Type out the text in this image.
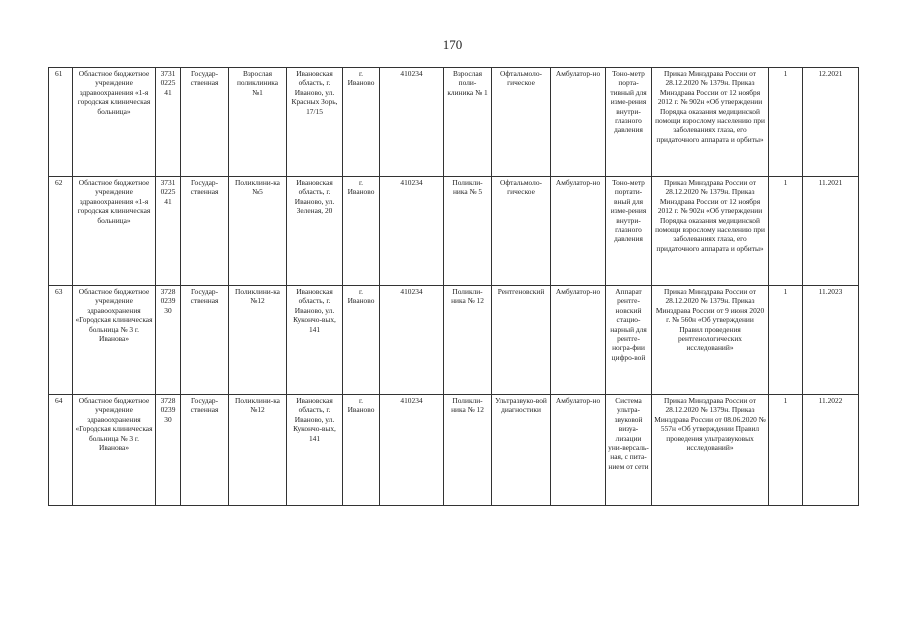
170
61	Областное бюджетное учреждение здравоохранения «1-я городская клиническая больница»	3731 0225 41	Государ-ственная	Взрослая поликлиника №1	Ивановская область, г. Иваново, ул. Красных Зорь, 17/15	г. Иваново	410234	Взрослая поли-клиника № 1	Офтальмоло-гическое	Амбулатор-но	Тоно-метр порта-тивный для изме-рения внутри-глазного давления	Приказ Минздрава России от 28.12.2020 № 1379н. Приказ Минздрава России от 12 ноября 2012 г. № 902н «Об утверждении Порядка оказания медицинской помощи взрослому населению при заболеваниях глаза, его придаточного аппарата и орбиты»	1	12.2021
62	Областное бюджетное учреждение здравоохранения «1-я городская клиническая больница»	3731 0225 41	Государ-ственная	Поликлини-ка №5	Ивановская область, г. Иваново, ул. Зеленая, 20	г. Иваново	410234	Поликли-ника № 5	Офтальмоло-гическое	Амбулатор-но	Тоно-метр портати-вный для изме-рения внутри-глазного давления	Приказ Минздрава России от 28.12.2020 № 1379н. Приказ Минздрава России от 12 ноября 2012 г. № 902н «Об утверждении Порядка оказания медицинской помощи взрослому населению при заболеваниях глаза, его придаточного аппарата и орбиты»	1	11.2021
63	Областное бюджетное учреждение здравоохранения «Городская клиническая больница № 3 г. Иванова»	3728 0239 30	Государ-ственная	Поликлини-ка №12	Ивановская область, г. Иваново, ул. Кукончо-вых, 141	г. Иваново	410234	Поликли-ника № 12	Рентгеновский	Амбулатор-но	Аппарат рентге-новский стацио-нарный для рентге-ногра-фии цифро-вой	Приказ Минздрава России от 28.12.2020 № 1379н. Приказ Минздрава России от 9 июня 2020 г. № 560н «Об утверждении Правил проведения рентгенологических исследований»	1	11.2023
64	Областное бюджетное учреждение здравоохранения «Городская клиническая больница № 3 г. Иванова»	3728 0239 30	Государ-ственная	Поликлини-ка №12	Ивановская область, г. Иваново, ул. Кукончо-вых, 141	г. Иваново	410234	Поликли-ника № 12	Ультразвуко-вой диагностики	Амбулатор-но	Система ультра-звуковой визуа-лизации уни-версаль-ная, с пита-нием от сети	Приказ Минздрава России от 28.12.2020 № 1379н. Приказ Минздрава России от 08.06.2020 № 557н «Об утверждении Правил проведения ультразвуковых исследований»	1	11.2022
